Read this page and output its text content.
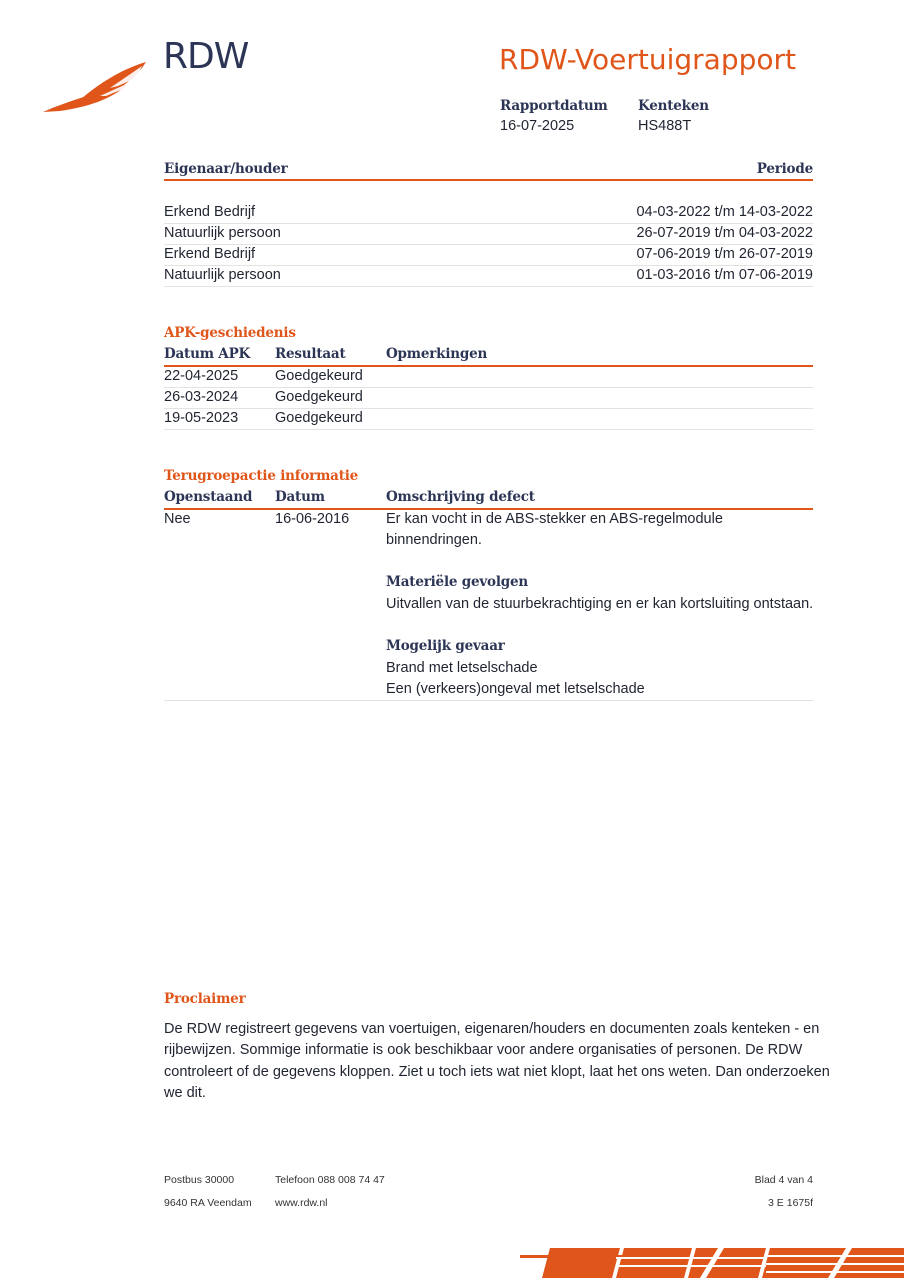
RDW	RDW-Voertuigrapport
Rapportdatum
16-07-2025
Kenteken
HS488T
Eigenaar/houder	Periode
Erkend Bedrijf	04-03-2022 t/m 14-03-2022
Natuurlijk persoon	26-07-2019 t/m 04-03-2022
Erkend Bedrijf	07-06-2019 t/m 26-07-2019
Natuurlijk persoon	01-03-2016 t/m 07-06-2019
APK-geschiedenis
Datum APK Resultaat	Opmerkingen
22-04-2025	Goedgekeurd
26-03-2024	Goedgekeurd
19-05-2023	Goedgekeurd
Terugroepactie informatie
Openstaand Datum	Omschrijving defect
Nee	16-06-2016	Er kan vocht in de ABS-stekker en ABS-regelmodule
binnendringen.
Materiële gevolgen
Uitvallen van de stuurbekrachtiging en er kan kortsluiting ontstaan.
Mogelijk gevaar
Brand met letselschade
Een (verkeers)ongeval met letselschade
Proclaimer
De RDW registreert gegevens van voertuigen, eigenaren/houders en documenten zoals kenteken - en
rijbewijzen. Sommige informatie is ook beschikbaar voor andere organisaties of personen. De RDW
controleert of de gegevens kloppen. Ziet u toch iets wat niet klopt, laat het ons weten. Dan onderzoeken
we dit.
Postbus 30000
9640 RA Veendam
Telefoon 088 008 74 47
www.rdw.nl
Blad 4 van 4
3 E 1675f
